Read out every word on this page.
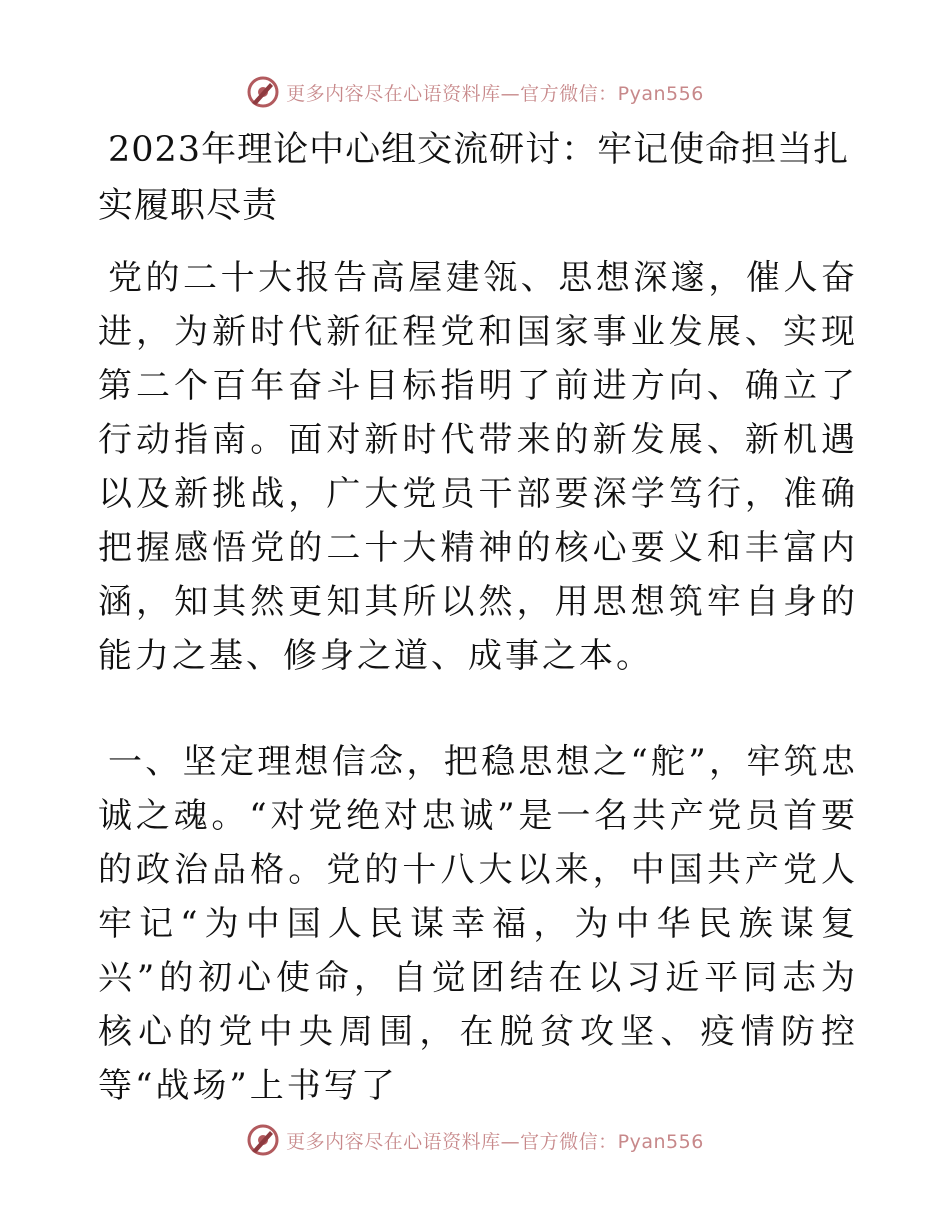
更多内容尽在心语资料库—官方微信：Pyan556
2023年理论中心组交流研讨：牢记使命担当扎实履职尽责

党的二十大报告高屋建瓴、思想深邃，催人奋进，为新时代新征程党和国家事业发展、实现第二个百年奋斗目标指明了前进方向、确立了行动指南。面对新时代带来的新发展、新机遇以及新挑战，广大党员干部要深学笃行，准确把握感悟党的二十大精神的核心要义和丰富内涵，知其然更知其所以然，用思想筑牢自身的能力之基、修身之道、成事之本。

一、坚定理想信念，把稳思想之“舵”，牢筑忠诚之魂。“对党绝对忠诚”是一名共产党员首要的政治品格。党的十八大以来，中国共产党人牢记“为中国人民谋幸福，为中华民族谋复兴”的初心使命，自觉团结在以习近平同志为核心的党中央周围，在脱贫攻坚、疫情防控等“战场”上书写了

更多内容尽在心语资料库—官方微信：Pyan556
